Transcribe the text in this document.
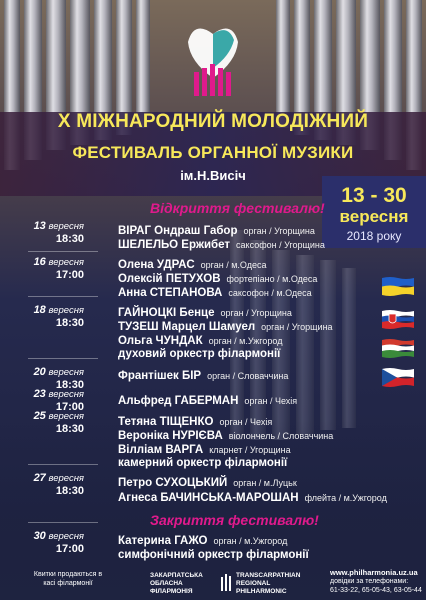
Х МІЖНАРОДНИЙ МОЛОДІЖНИЙ
ФЕСТИВАЛЬ ОРГАННОЇ МУЗИКИ
ім.Н.Висіч
13 - 30
вересня
2018 року
Відкриття фестивалю!
13 вересня
18:30
16 вересня
17:00
18 вересня
18:30
20 вересня
18:30
23 вересня
17:00
25 вересня
18:30
27 вересня
18:30
30 вересня
17:00
ВІРАГ Ондраш Габор орган / Угорщина
ШЕЛЕЛЬО Ержибет саксофон / Угорщина
Олена УДРАС орган / м.Одеса
Олексій ПЕТУХОВ фортепіано / м.Одеса
Анна СТЕПАНОВА саксофон / м.Одеса
ГАЙНОЦКІ Бенце орган / Угорщина
ТУЗЕШ Марцел Шамуел орган / Угорщина
Ольга ЧУНДАК орган / м.Ужгород
духовий оркестр філармонії
Франтішек БІР орган / Словаччина
Альфред ГАБЕРМАН орган / Чехія
Тетяна ТІЩЕНКО орган / Чехія
Вероніка НУРІЄВА віолончель / Словаччина
Вілліам ВАРГА кларнет / Угорщина
камерний оркестр філармонії
Петро СУХОЦЬКИЙ орган / м.Луцьк
Агнеса БАЧИНСЬКА-МАРОШАН флейта / м.Ужгород
Закриття фестивалю!
Катерина ГАЖО орган / м.Ужгород
симфонічний оркестр філармонії
Квитки продаються в касі філармонії
ЗАКАРПАТСЬКА
ОБЛАСНА
ФІЛАРМОНІЯ
TRANSCARPATHIAN
REGIONAL
PHILHARMONIC
www.philharmonia.uz.ua
довідки за телефонами:
61-33-22, 65-05-43, 63-05-44
